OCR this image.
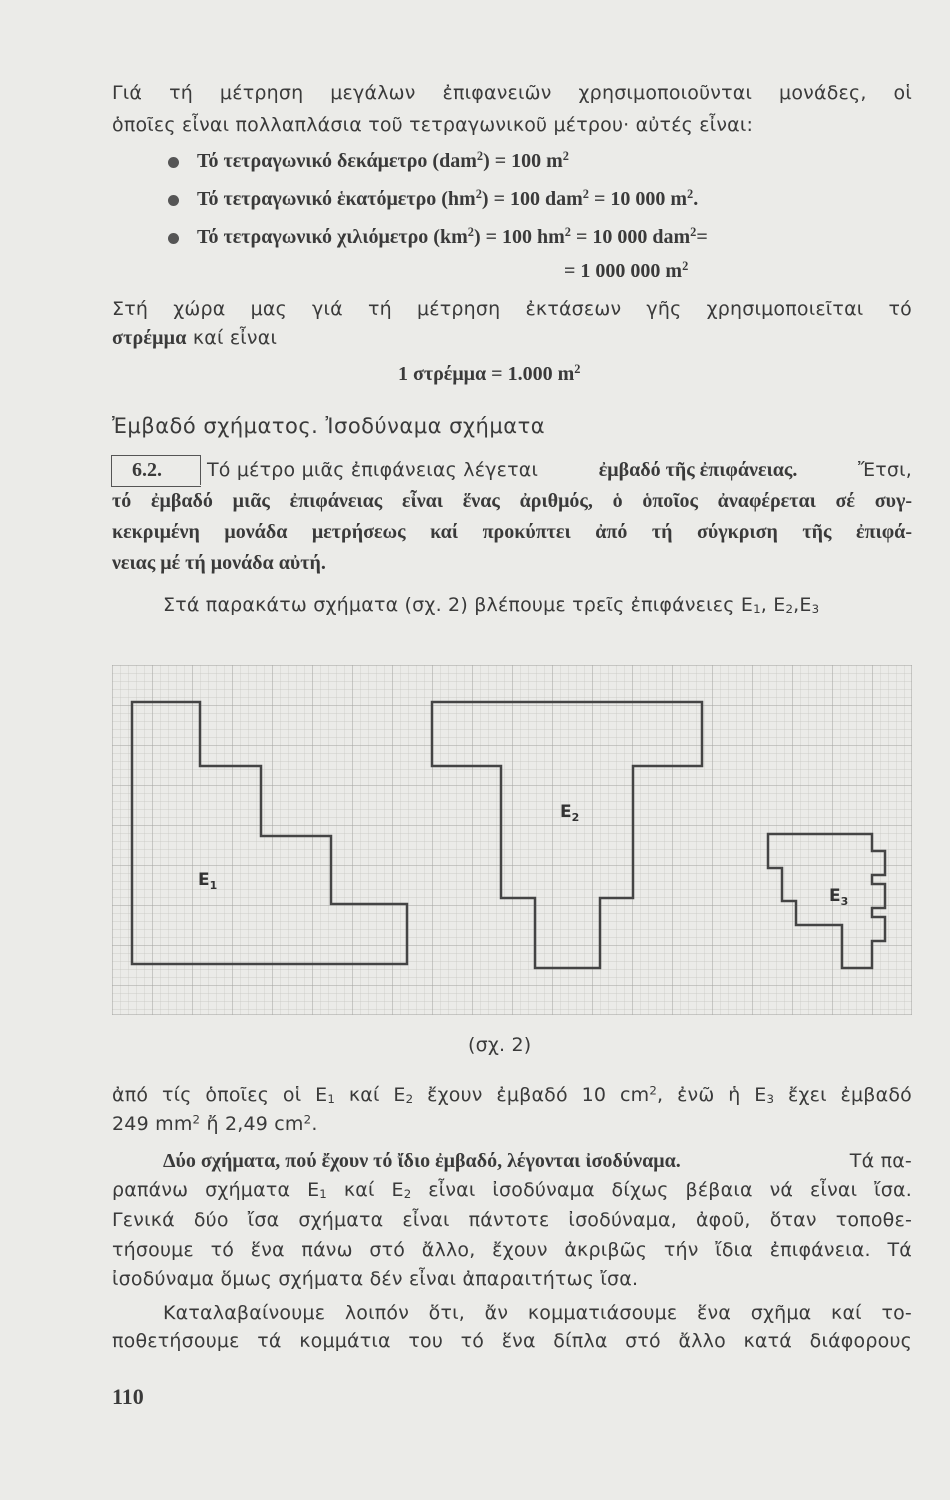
Γιά τή μέτρηση μεγάλων ἐπιφανειῶν χρησιμοποιοῦνται μονάδες, οἱ
ὁποῖες εἶναι πολλαπλάσια τοῦ τετραγωνικοῦ μέτρου· αὐτές εἶναι:
Τό τετραγωνικό δεκάμετρο (dam$^2$) = 100 $m^2$
Τό τετραγωνικό ἑκατόμετρο $(hm^2) = 100$ dam$^2$ = 10 000 $m^2$.
Τό τετραγωνικό χιλιόμετρο $(km^2) = 100$ $hm^2 = 10$ 000 dam$^2$=
= 1 000 000 $m^2$
Στή χώρα μας γιά τή μέτρηση ἐκτάσεων γῆς χρησιμοποιεῖται τό
στρέμμα καί εἶναι
1 στρέμμα = 1.000 $m^2$
Ἐμβαδό σχήματος. Ἰσοδύναμα σχήματα
6.2. Τό μέτρο μιᾶς ἐπιφάνειας λέγεται	ἐμβαδό τῆς ἐπιφάνειας.	Ἔτσι,
τό ἐμβαδό μιᾶς ἐπιφάνειας εἶναι ἕνας ἀριθμός, ὁ ὁποῖος ἀναφέρεται σέ συγ-
κεκριμένη μονάδα μετρήσεως καί προκύπτει ἀπό τή σύγκριση τῆς ἐπιφά-
νειας μέ τή μονάδα αὐτή.
Στά παρακάτω σχήματα (σχ. 2) βλέπουμε τρεῖς ἐπιφάνειες $E_1$, $E_2,E_3$
$E_1$
$E_2$
$E_3$
(σχ. 2)
ἀπό τίς ὁποῖες οἱ $E_1$ καί $E_2$ ἔχουν ἐμβαδό 10 $cm^2$, ἐνῶ ἡ $E_3$ ἔχει ἐμβαδό
249 $mm^2$ ἤ 2,49 $cm^2$.
Δύο σχήματα, πού ἔχουν τό ἴδιο ἐμβαδό, λέγονται ἰσοδύναμα.	Τά πα-
ραπάνω σχήματα $E_1$ καί $E_2$ εἶναι ἰσοδύναμα δίχως βέβαια νά εἶναι ἴσα.
Γενικά δύο ἴσα σχήματα εἶναι πάντοτε ἰσοδύναμα, ἀφοῦ, ὅταν τοποθε-
τήσουμε τό ἕνα πάνω στό ἄλλο, ἔχουν ἀκριβῶς τήν ἴδια ἐπιφάνεια. Τά
ἰσοδύναμα ὅμως σχήματα δέν εἶναι ἀπαραιτήτως ἴσα.
Καταλαβαίνουμε λοιπόν ὅτι, ἄν κομματιάσουμε ἕνα σχῆμα καί το-
ποθετήσουμε τά κομμάτια του τό ἕνα δίπλα στό ἄλλο κατά διάφορους
110
